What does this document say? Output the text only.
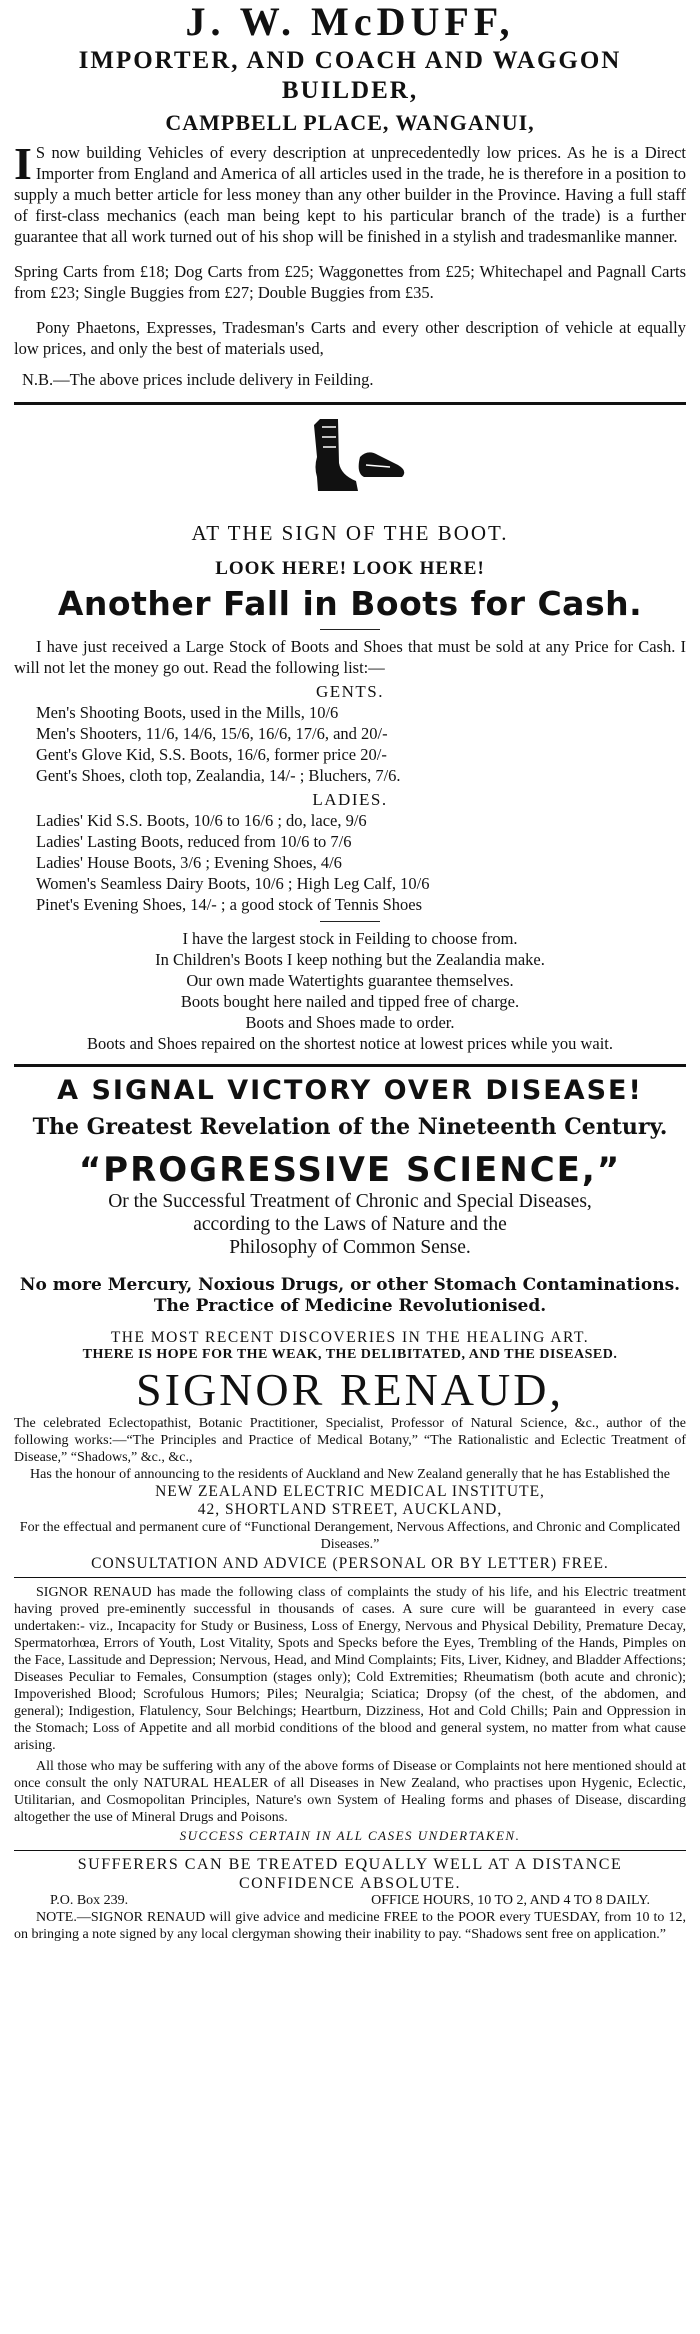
J. W. McDUFF,

IMPORTER, AND COACH AND WAGGON

BUILDER,

CAMPBELL PLACE, WANGANUI,

I S now building Vehicles of every description at unprecedentedly low prices. As he is a Direct Importer from England and America of all articles used in the trade, he is therefore in a position to supply a much better article for less money than any other builder in the Province. Having a full staff of first-class mechanics (each man being kept to his particular branch of the trade) is a further guarantee that all work turned out of his shop will be finished in a stylish and tradesmanlike manner.

Spring Carts from £18; Dog Carts from £25; Waggonettes from £25; Whitechapel and Pagnall Carts from £23; Single Buggies from £27; Double Buggies from £35.

Pony Phaetons, Expresses, Tradesman's Carts and every other description of vehicle at equally low prices, and only the best of materials used,

N.B.—The above prices include delivery in Feilding.

AT THE SIGN OF THE BOOT.

LOOK HERE! LOOK HERE!

Another Fall in Boots for Cash.

I have just received a Large Stock of Boots and Shoes that must be sold at any Price for Cash. I will not let the money go out. Read the following list:—

GENTS.

Men's Shooting Boots, used in the Mills, 10/6

Men's Shooters, 11/6, 14/6, 15/6, 16/6, 17/6, and 20/-

Gent's Glove Kid, S.S. Boots, 16/6, former price 20/-

Gent's Shoes, cloth top, Zealandia, 14/- ; Bluchers, 7/6.

LADIES.

Ladies' Kid S.S. Boots, 10/6 to 16/6 ; do, lace, 9/6

Ladies' Lasting Boots, reduced from 10/6 to 7/6

Ladies' House Boots, 3/6 ; Evening Shoes, 4/6

Women's Seamless Dairy Boots, 10/6 ; High Leg Calf, 10/6

Pinet's Evening Shoes, 14/- ; a good stock of Tennis Shoes

I have the largest stock in Feilding to choose from.

In Children's Boots I keep nothing but the Zealandia make.

Our own made Watertights guarantee themselves.

Boots bought here nailed and tipped free of charge.

Boots and Shoes made to order.

Boots and Shoes repaired on the shortest notice at lowest prices while you wait.

A SIGNAL VICTORY OVER DISEASE!

The Greatest Revelation of the Nineteenth Century.

“PROGRESSIVE SCIENCE,”

Or the Successful Treatment of Chronic and Special Diseases,

according to the Laws of Nature and the

Philosophy of Common Sense.

No more Mercury, Noxious Drugs, or other Stomach Contaminations.

The Practice of Medicine Revolutionised.

THE MOST RECENT DISCOVERIES IN THE HEALING ART.

THERE IS HOPE FOR THE WEAK, THE DELIBITATED, AND THE DISEASED.

SIGNOR RENAUD,

The celebrated Eclectopathist, Botanic Practitioner, Specialist, Professor of Natural Science, &c., author of the following works:—“The Principles and Practice of Medical Botany,” “The Rationalistic and Eclectic Treatment of Disease,” “Shadows,” &c., &c.,

Has the honour of announcing to the residents of Auckland and New Zealand generally that he has Established the

NEW ZEALAND ELECTRIC MEDICAL INSTITUTE,

42, SHORTLAND STREET, AUCKLAND,

For the effectual and permanent cure of “Functional Derangement, Nervous Affections, and Chronic and Complicated Diseases.”

CONSULTATION AND ADVICE (PERSONAL OR BY LETTER) FREE.

SIGNOR RENAUD has made the following class of complaints the study of his life, and his Electric treatment having proved pre-eminently successful in thousands of cases. A sure cure will be guaranteed in every case undertaken:- viz., Incapacity for Study or Business, Loss of Energy, Nervous and Physical Debility, Premature Decay, Spermatorhœa, Errors of Youth, Lost Vitality, Spots and Specks before the Eyes, Trembling of the Hands, Pimples on the Face, Lassitude and Depression; Nervous, Head, and Mind Complaints; Fits, Liver, Kidney, and Bladder Affections; Diseases Peculiar to Females, Consumption (stages only); Cold Extremities; Rheumatism (both acute and chronic); Impoverished Blood; Scrofulous Humors; Piles; Neuralgia; Sciatica; Dropsy (of the chest, of the abdomen, and general); Indigestion, Flatulency, Sour Belchings; Heartburn, Dizziness, Hot and Cold Chills; Pain and Oppression in the Stomach; Loss of Appetite and all morbid conditions of the blood and general system, no matter from what cause arising.

All those who may be suffering with any of the above forms of Disease or Complaints not here mentioned should at once consult the only NATURAL HEALER of all Diseases in New Zealand, who practises upon Hygenic, Eclectic, Utilitarian, and Cosmopolitan Principles, Nature's own System of Healing forms and phases of Disease, discarding altogether the use of Mineral Drugs and Poisons.

SUCCESS CERTAIN IN ALL CASES UNDERTAKEN.

SUFFERERS CAN BE TREATED EQUALLY WELL AT A DISTANCE

CONFIDENCE ABSOLUTE.

P.O. Box 239.	OFFICE HOURS, 10 TO 2, AND 4 TO 8 DAILY.

NOTE.—SIGNOR RENAUD will give advice and medicine FREE to the POOR every TUESDAY, from 10 to 12, on bringing a note signed by any local clergyman showing their inability to pay. “Shadows sent free on application.”
